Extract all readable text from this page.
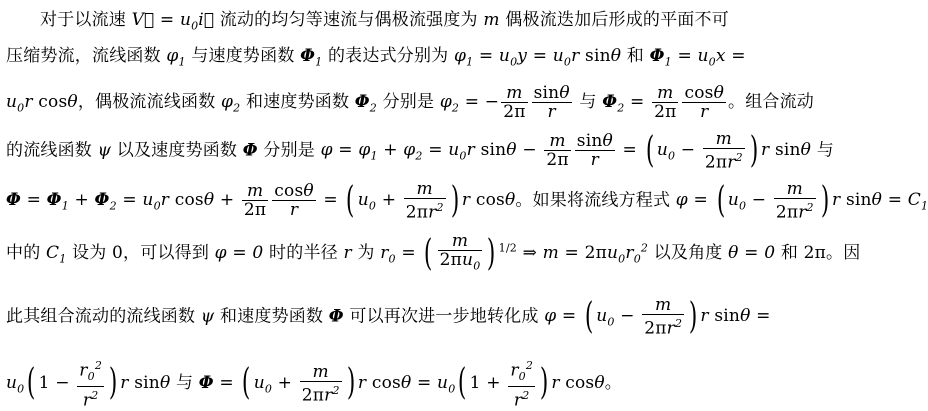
对于以流速 V⃗ = $u_0i⃗$ 流动的均匀等速流与偶极流强度为 m 偶极流迭加后形成的平面不可
压缩势流，流线函数 $\varphi_1$ 与速度势函数 $\Phi_1$ 的表达式分别为 $\varphi_1 = u_0y = u_0r$ sinθ 和 $\Phi_1 = u_0x$ =
$u_0r$ cosθ，偶极流流线函数 $\varphi_2$ 和速度势函数 $\Phi_2$ 分别是 $\varphi_2$ = − $\frac{m}{2\pi} \frac{\sin\theta}{r}$ 与 $\Phi_2 = \frac{m}{2\pi} \frac{\cos\theta}{r}$ 。组合流动
的流线函数 ψ 以及速度势函数 Φ 分别是 $\varphi = \varphi_1 + \varphi_2 = u_0r$ $\sin\theta - \frac{m}{2\pi} \frac{\sin\theta}{r}$ = ( $u_0 - \frac{m}{2\pi r^2}$ ) r sinθ 与
$\Phi = \Phi_1 + \Phi_2 = u_0r$ $\cos\theta + \frac{m}{2\pi} \frac{\cos\theta}{r}$ = ( $u_0 + \frac{m}{2\pi r^2}$ ) r cosθ。如果将流线方程式 φ = ( $u_0 - \frac{m}{2\pi r^2}$ ) r $\sin\theta = C_1$
中的 $C_1$ 设为 0，可以得到 φ = 0 时的半径 r 为 $r_0$ = ( $\frac{m}{2\pi u_0}$ ) $^{1/2}$ ⇒ $m = 2\pi u_0r_0^2$ 以及角度 θ = 0 和 2π。因
此其组合流动的流线函数 ψ 和速度势函数 Φ 可以再次进一步地转化成 φ = ( $u_0 - \frac{m}{2\pi r^2}$ ) r sinθ =
$u_0$( $1 - \frac{r_0^2}{r^2}$ ) r sinθ 与 Φ = ( $u_0 + \frac{m}{2\pi r^2}$ ) r $\cos\theta = u_0$( $1 + \frac{r_0^2}{r^2}$ ) r cosθ。
